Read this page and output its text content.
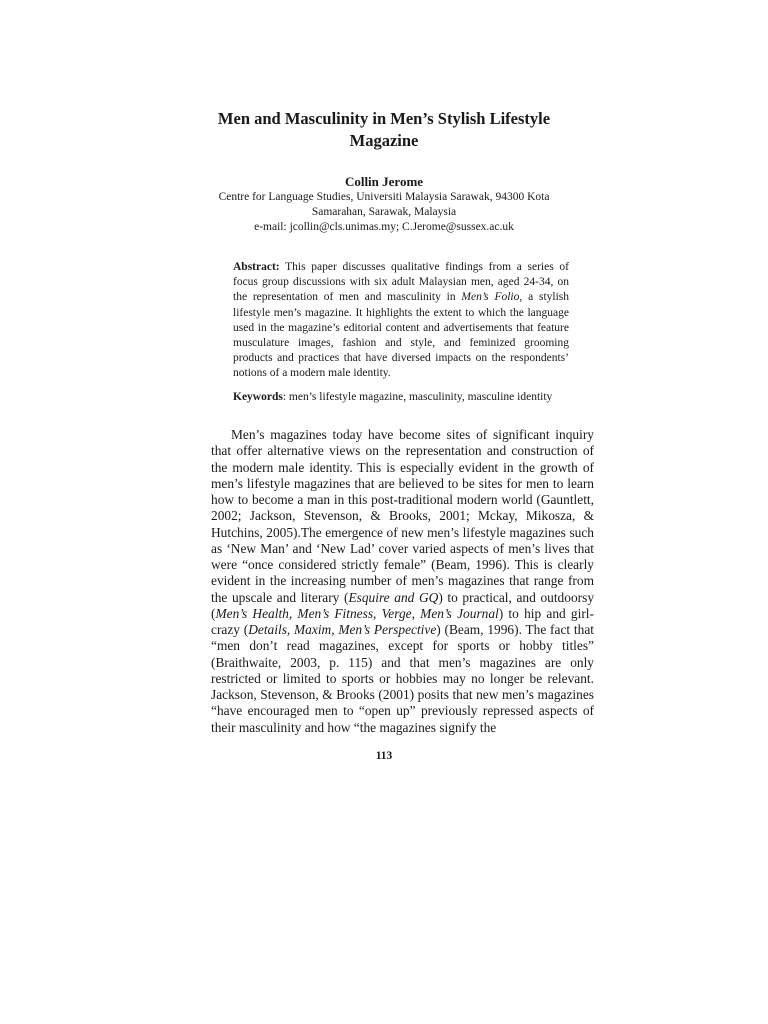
Men and Masculinity in Men’s Stylish Lifestyle Magazine
Collin Jerome
Centre for Language Studies, Universiti Malaysia Sarawak, 94300 Kota Samarahan, Sarawak, Malaysia
e-mail: jcollin@cls.unimas.my; C.Jerome@sussex.ac.uk
Abstract: This paper discusses qualitative findings from a series of focus group discussions with six adult Malaysian men, aged 24-34, on the representation of men and masculinity in Men’s Folio, a stylish lifestyle men’s magazine. It highlights the extent to which the language used in the magazine’s editorial content and advertisements that feature musculature images, fashion and style, and feminized grooming products and practices that have diversed impacts on the respondents’ notions of a modern male identity.
Keywords: men’s lifestyle magazine, masculinity, masculine identity

Men’s magazines today have become sites of significant inquiry that offer alternative views on the representation and construction of the modern male identity. This is especially evident in the growth of men’s lifestyle magazines that are believed to be sites for men to learn how to become a man in this post-traditional modern world (Gauntlett, 2002; Jackson, Stevenson, & Brooks, 2001; Mckay, Mikosza, & Hutchins, 2005).The emergence of new men’s lifestyle magazines such as ‘New Man’ and ‘New Lad’ cover varied aspects of men’s lives that were “once considered strictly female” (Beam, 1996). This is clearly evident in the increasing number of men’s magazines that range from the upscale and literary (Esquire and GQ) to practical, and outdoorsy (Men’s Health, Men’s Fitness, Verge, Men’s Journal) to hip and girl-crazy (Details, Maxim, Men’s Perspective) (Beam, 1996). The fact that “men don’t read magazines, except for sports or hobby titles” (Braithwaite, 2003, p. 115) and that men’s magazines are only restricted or limited to sports or hobbies may no longer be relevant. Jackson, Stevenson, & Brooks (2001) posits that new men’s magazines “have encouraged men to “open up” previously repressed aspects of their masculinity and how “the magazines signify the

113
